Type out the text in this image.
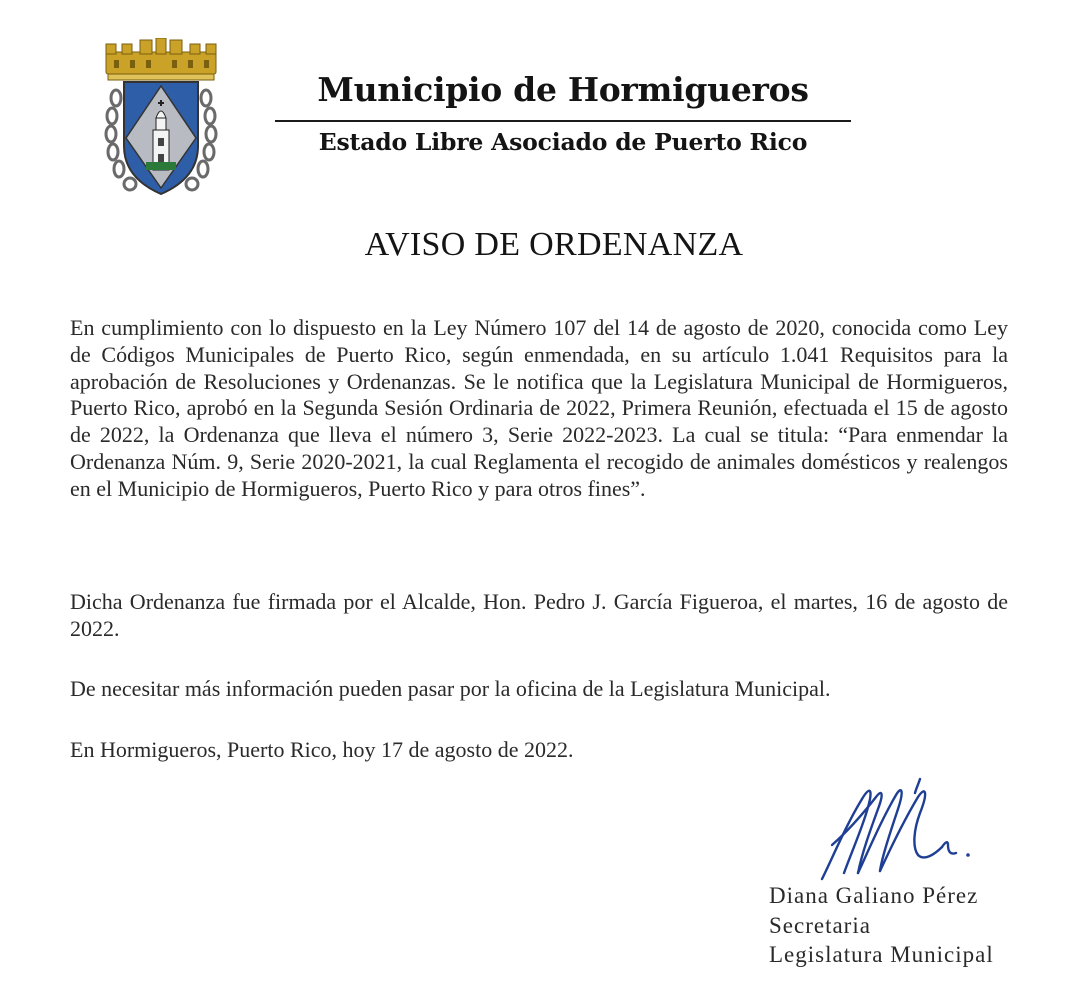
Municipio de Hormigueros
Estado Libre Asociado de Puerto Rico
AVISO DE ORDENANZA

En cumplimiento con lo dispuesto en la Ley Número 107 del 14 de agosto de 2020, conocida como Ley de Códigos Municipales de Puerto Rico, según enmendada, en su artículo 1.041 Requisitos para la aprobación de Resoluciones y Ordenanzas. Se le notifica que la Legislatura Municipal de Hormigueros, Puerto Rico, aprobó en la Segunda Sesión Ordinaria de 2022, Primera Reunión, efectuada el 15 de agosto de 2022, la Ordenanza que lleva el número 3, Serie 2022-2023. La cual se titula: “Para enmendar la Ordenanza Núm. 9, Serie 2020-2021, la cual Reglamenta el recogido de animales domésticos y realengos en el Municipio de Hormigueros, Puerto Rico y para otros fines”.

Dicha Ordenanza fue firmada por el Alcalde, Hon. Pedro J. García Figueroa, el martes, 16 de agosto de 2022.

De necesitar más información pueden pasar por la oficina de la Legislatura Municipal.

En Hormigueros, Puerto Rico, hoy 17 de agosto de 2022.

Diana Galiano Pérez
Secretaria
Legislatura Municipal
